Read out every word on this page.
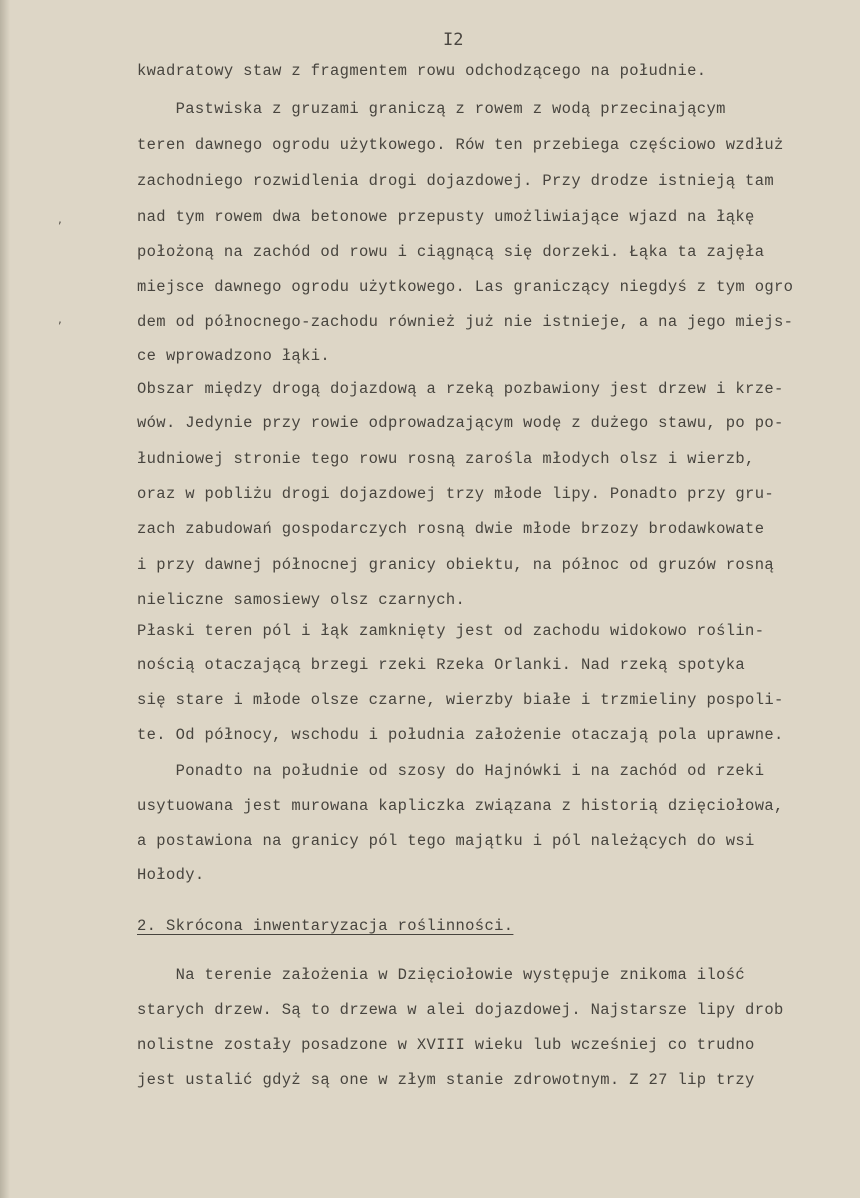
,
,
I2
kwadratowy staw z fragmentem rowu odchodzącego na południe.
Pastwiska z gruzami graniczą z rowem z wodą przecinającym
teren dawnego ogrodu użytkowego. Rów ten przebiega częściowo wzdłuż
zachodniego rozwidlenia drogi dojazdowej. Przy drodze istnieją tam
nad tym rowem dwa betonowe przepusty umożliwiające wjazd na łąkę
położoną na zachód od rowu i ciągnącą się dorzeki. Łąka ta zajęła
miejsce dawnego ogrodu użytkowego. Las graniczący niegdyś z tym ogro
dem od północnego-zachodu również już nie istnieje, a na jego miejs-
ce wprowadzono łąki.
Obszar między drogą dojazdową a rzeką pozbawiony jest drzew i krze-
wów. Jedynie przy rowie odprowadzającym wodę z dużego stawu, po po-
łudniowej stronie tego rowu rosną zarośla młodych olsz i wierzb,
oraz w pobliżu drogi dojazdowej trzy młode lipy. Ponadto przy gru-
zach zabudowań gospodarczych rosną dwie młode brzozy brodawkowate
i przy dawnej północnej granicy obiektu, na północ od gruzów rosną
nieliczne samosiewy olsz czarnych.
Płaski teren pól i łąk zamknięty jest od zachodu widokowo roślin-
nością otaczającą brzegi rzeki Rzeka Orlanki. Nad rzeką spotyka
się stare i młode olsze czarne, wierzby białe i trzmieliny pospoli-
te. Od północy, wschodu i południa założenie otaczają pola uprawne.
Ponadto na południe od szosy do Hajnówki i na zachód od rzeki
usytuowana jest murowana kapliczka związana z historią dzięciołowa,
a postawiona na granicy pól tego majątku i pól należących do wsi
Hołody.
2. Skrócona inwentaryzacja roślinności.
Na terenie założenia w Dzięciołowie występuje znikoma ilość
starych drzew. Są to drzewa w alei dojazdowej. Najstarsze lipy drob
nolistne zostały posadzone w XVIII wieku lub wcześniej co trudno
jest ustalić gdyż są one w złym stanie zdrowotnym. Z 27 lip trzy
